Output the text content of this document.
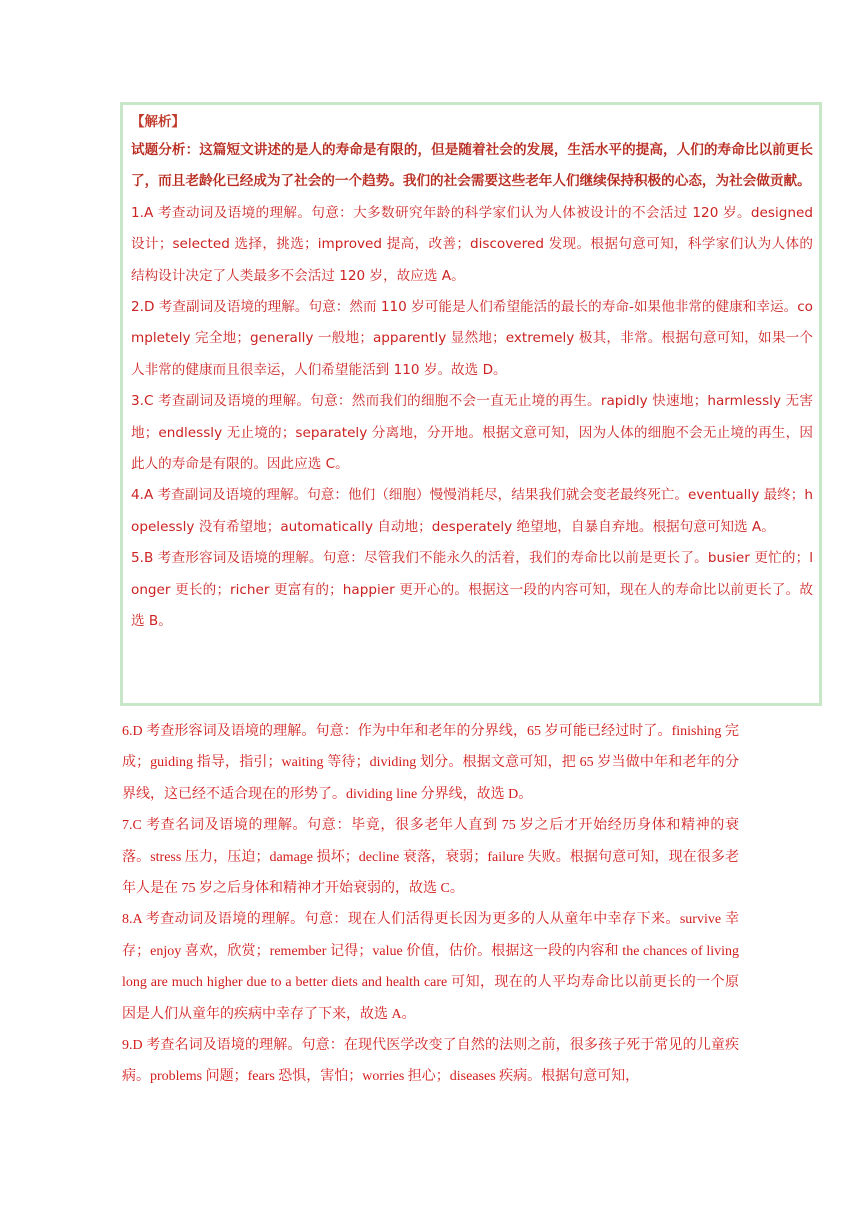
【解析】

试题分析：这篇短文讲述的是人的寿命是有限的，但是随着社会的发展，生活水平的提高，人们的寿命比以前更长了，而且老龄化已经成为了社会的一个趋势。我们的社会需要这些老年人们继续保持积极的心态，为社会做贡献。

1.A 考查动词及语境的理解。句意：大多数研究年龄的科学家们认为人体被设计的不会活过 120 岁。designed 设计；selected 选择，挑选；improved 提高，改善；discovered 发现。根据句意可知，科学家们认为人体的结构设计决定了人类最多不会活过 120 岁，故应选 A。

2.D 考查副词及语境的理解。句意：然而 110 岁可能是人们希望能活的最长的寿命-如果他非常的健康和幸运。completely 完全地；generally 一般地；apparently 显然地；extremely 极其，非常。根据句意可知，如果一个人非常的健康而且很幸运，人们希望能活到 110 岁。故选 D。

3.C 考查副词及语境的理解。句意：然而我们的细胞不会一直无止境的再生。rapidly 快速地；harmlessly 无害地；endlessly 无止境的；separately 分离地，分开地。根据文意可知，因为人体的细胞不会无止境的再生，因此人的寿命是有限的。因此应选 C。

4.A 考查副词及语境的理解。句意：他们（细胞）慢慢消耗尽，结果我们就会变老最终死亡。eventually 最终；hopelessly 没有希望地；automatically 自动地；desperately 绝望地，自暴自弃地。根据句意可知选 A。

5.B 考查形容词及语境的理解。句意：尽管我们不能永久的活着，我们的寿命比以前是更长了。busier 更忙的；longer 更长的；richer 更富有的；happier 更开心的。根据这一段的内容可知，现在人的寿命比以前更长了。故选 B。

6.D 考查形容词及语境的理解。句意：作为中年和老年的分界线，65 岁可能已经过时了。finishing 完成；guiding 指导，指引；waiting 等待；dividing 划分。根据文意可知，把 65 岁当做中年和老年的分界线，这已经不适合现在的形势了。dividing line 分界线，故选 D。

7.C 考查名词及语境的理解。句意：毕竟，很多老年人直到 75 岁之后才开始经历身体和精神的衰落。stress 压力，压迫；damage 损坏；decline 衰落，衰弱；failure 失败。根据句意可知，现在很多老年人是在 75 岁之后身体和精神才开始衰弱的，故选 C。

8.A 考查动词及语境的理解。句意：现在人们活得更长因为更多的人从童年中幸存下来。survive 幸存；enjoy 喜欢，欣赏；remember 记得；value 价值，估价。根据这一段的内容和 the chances of living long are much higher due to a better diets and health care 可知，现在的人平均寿命比以前更长的一个原因是人们从童年的疾病中幸存了下来，故选 A。

9.D 考查名词及语境的理解。句意：在现代医学改变了自然的法则之前，很多孩子死于常见的儿童疾病。problems 问题；fears 恐惧，害怕；worries 担心；diseases 疾病。根据句意可知，
